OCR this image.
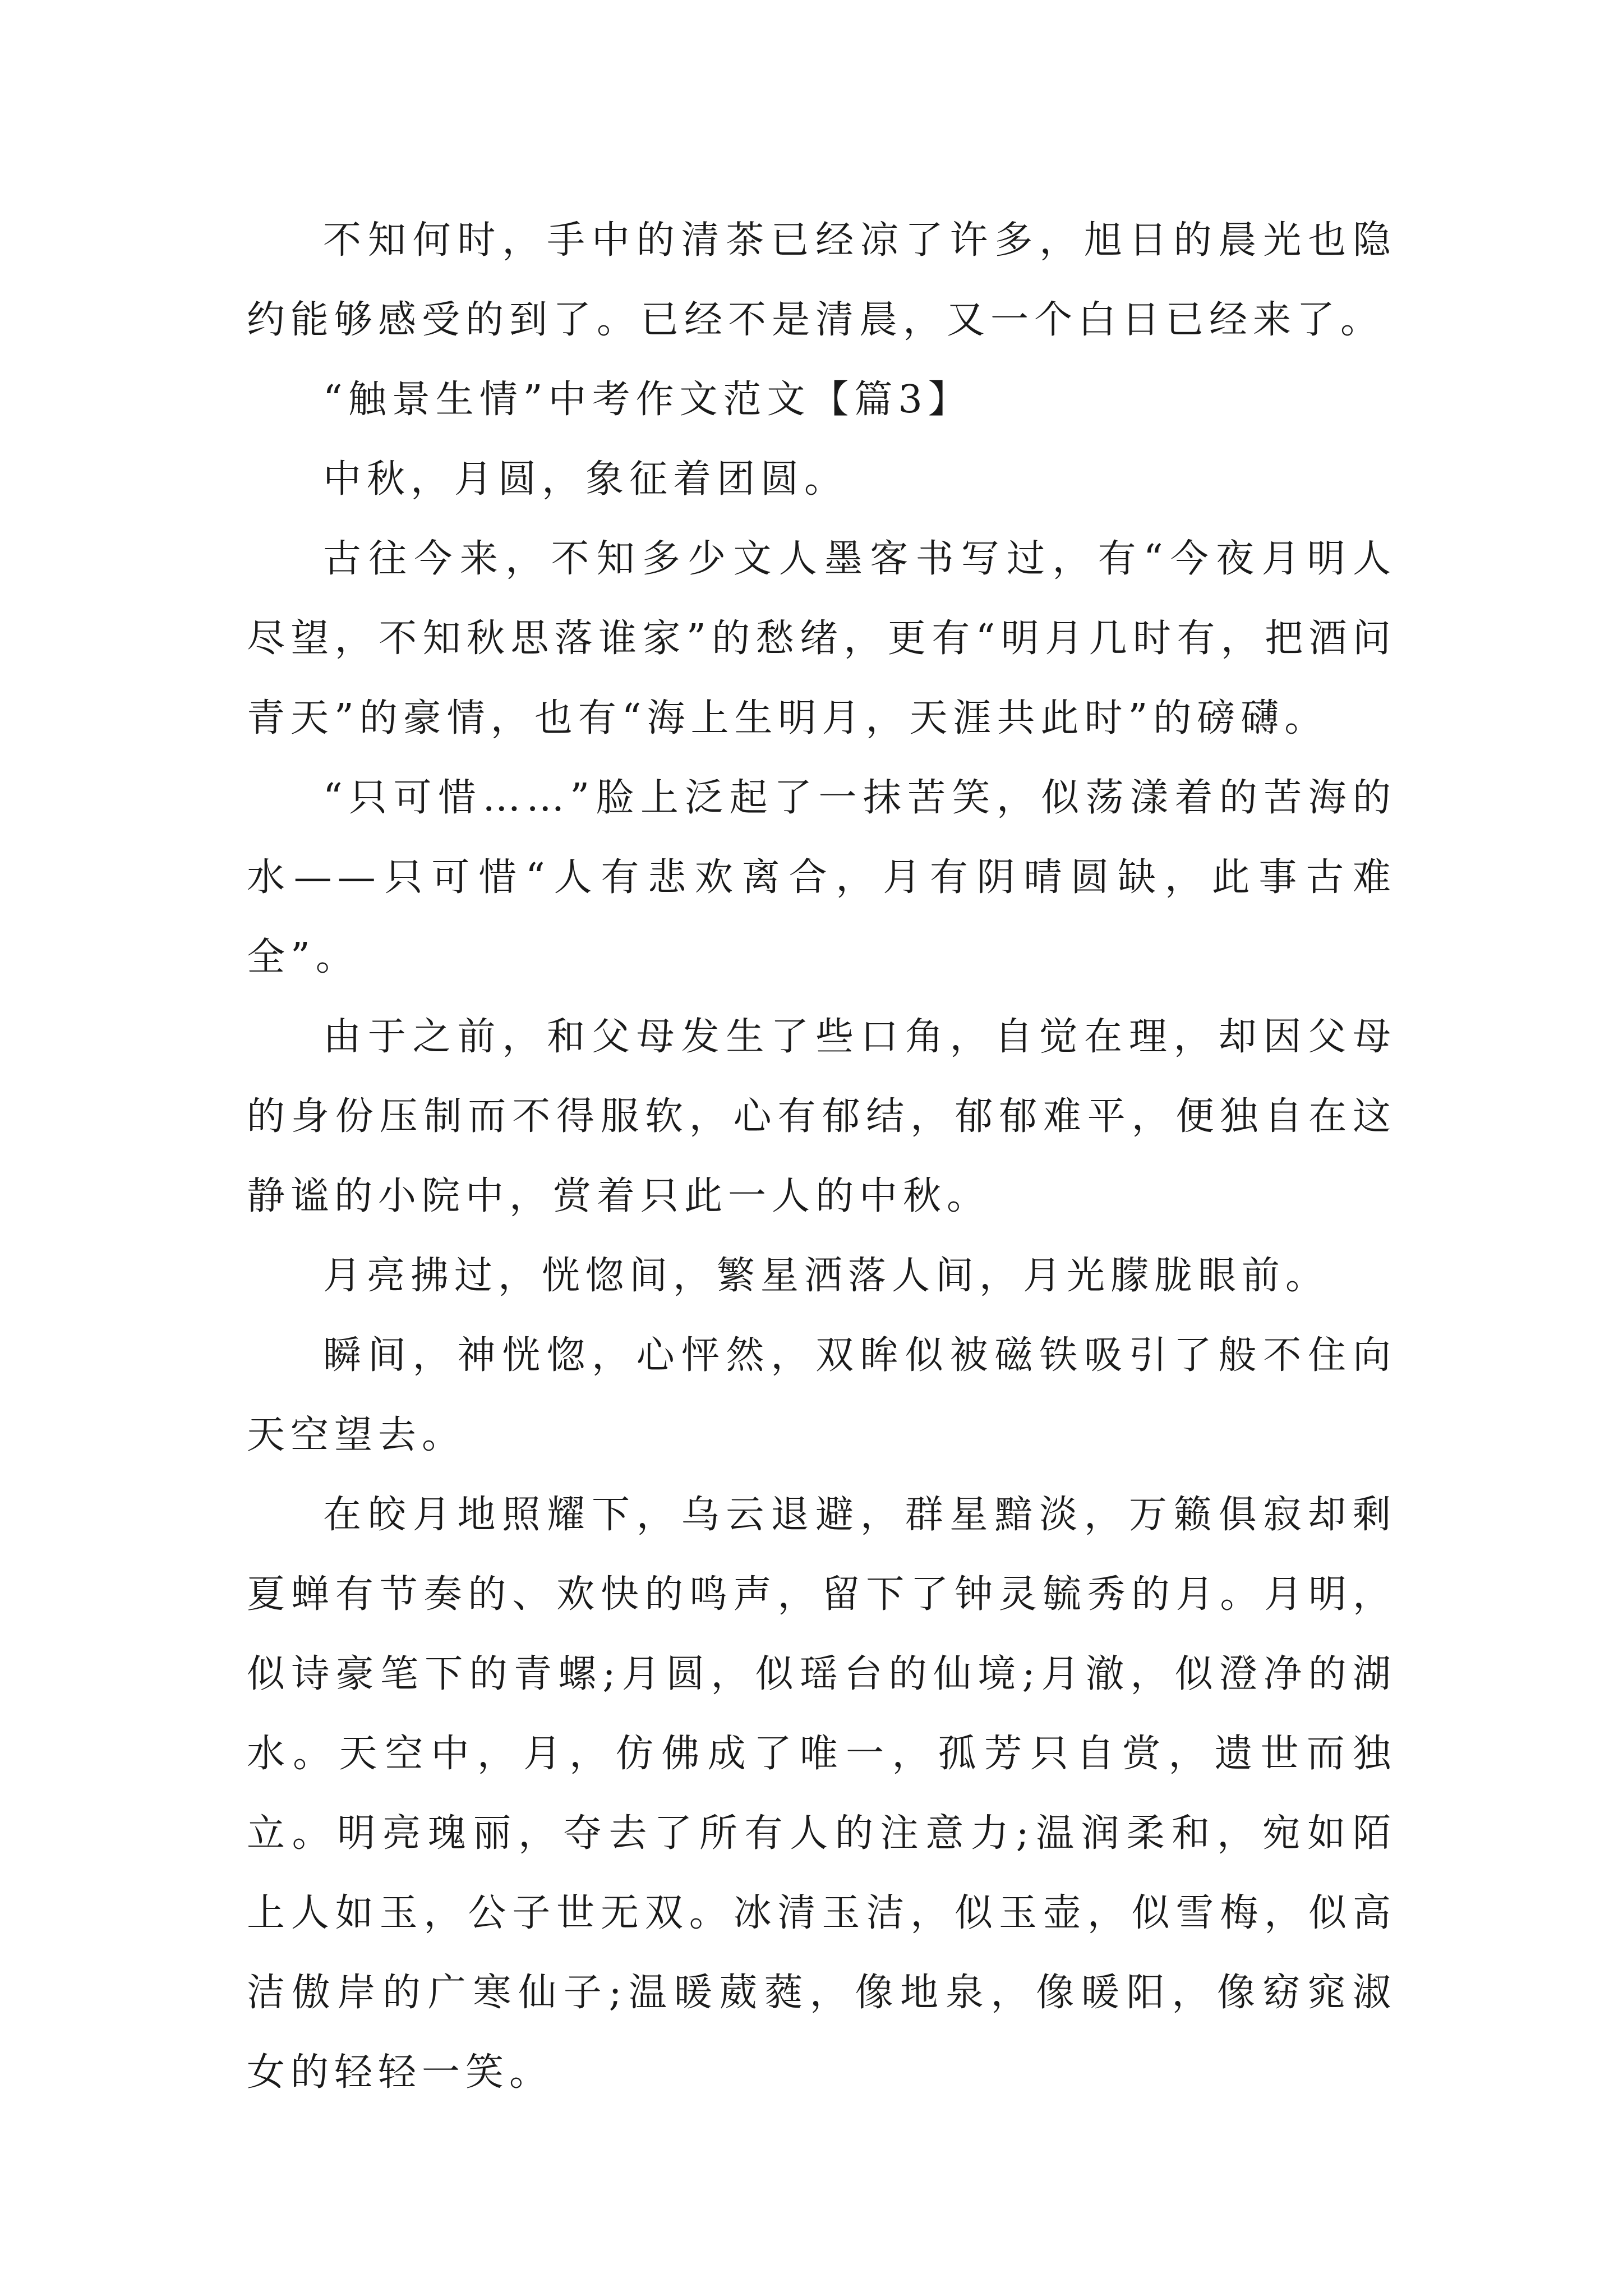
不知何时，手中的清茶已经凉了许多，旭日的晨光也隐约能够感受的到了。已经不是清晨，又一个白日已经来了。

“触景生情”中考作文范文【篇3】

中秋，月圆，象征着团圆。

古往今来，不知多少文人墨客书写过，有“今夜月明人尽望，不知秋思落谁家”的愁绪，更有“明月几时有，把酒问青天”的豪情，也有“海上生明月，天涯共此时”的磅礴。

“只可惜……”脸上泛起了一抹苦笑，似荡漾着的苦海的水——只可惜“人有悲欢离合，月有阴晴圆缺，此事古难全”。

由于之前，和父母发生了些口角，自觉在理，却因父母的身份压制而不得服软，心有郁结，郁郁难平，便独自在这静谧的小院中，赏着只此一人的中秋。

月亮拂过，恍惚间，繁星洒落人间，月光朦胧眼前。

瞬间，神恍惚，心怦然，双眸似被磁铁吸引了般不住向天空望去。

在皎月地照耀下，乌云退避，群星黯淡，万籁俱寂却剩夏蝉有节奏的、欢快的鸣声，留下了钟灵毓秀的月。月明，似诗豪笔下的青螺;月圆，似瑶台的仙境;月澈，似澄净的湖水。天空中，月，仿佛成了唯一，孤芳只自赏，遗世而独立。明亮瑰丽，夺去了所有人的注意力;温润柔和，宛如陌上人如玉，公子世无双。冰清玉洁，似玉壶，似雪梅，似高洁傲岸的广寒仙子;温暖葳蕤，像地泉，像暖阳，像窈窕淑女的轻轻一笑。
